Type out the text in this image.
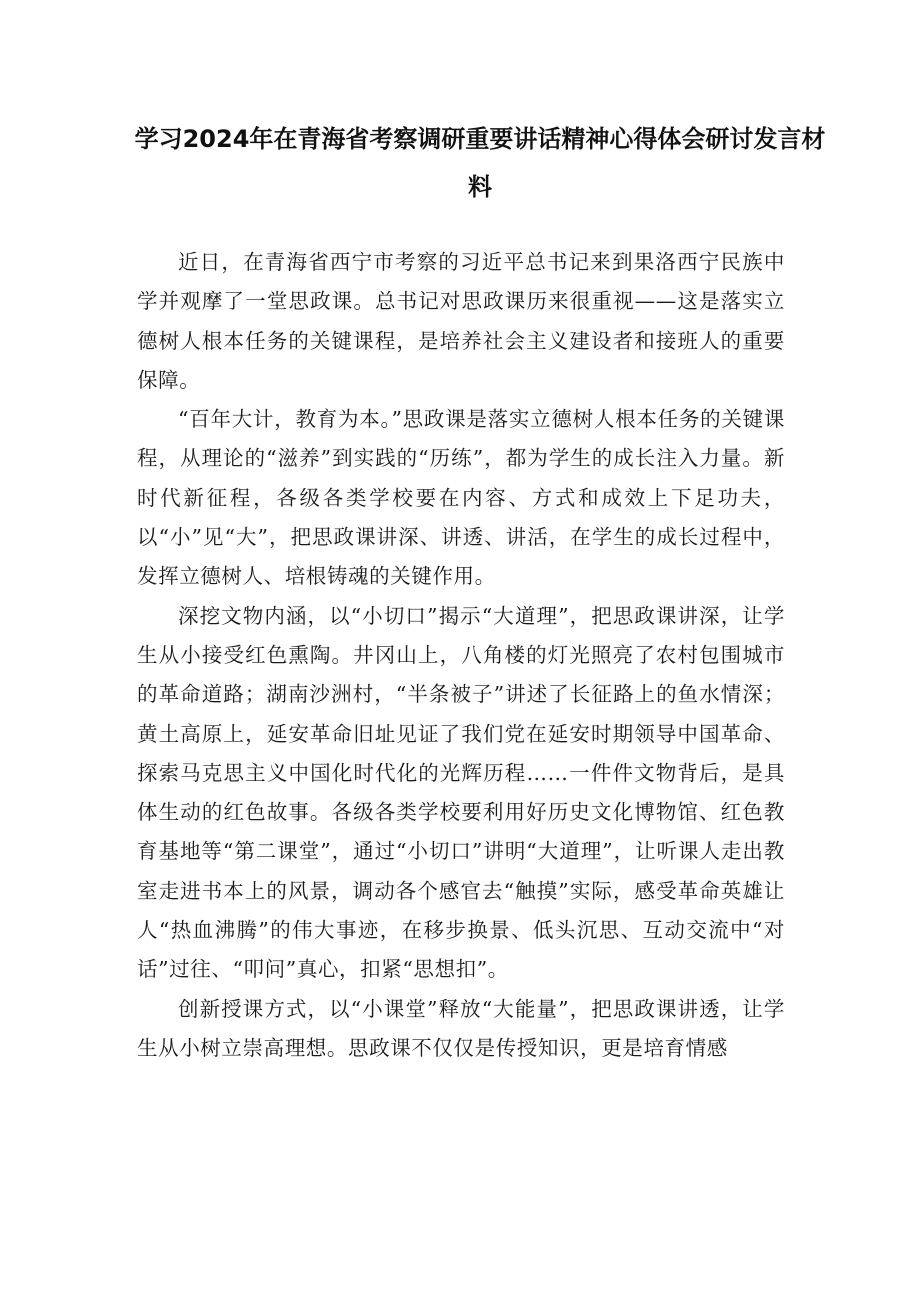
学习2024年在青海省考察调研重要讲话精神心得体会研讨发言材料

近日，在青海省西宁市考察的习近平总书记来到果洛西宁民族中学并观摩了一堂思政课。总书记对思政课历来很重视——这是落实立德树人根本任务的关键课程，是培养社会主义建设者和接班人的重要保障。

“百年大计，教育为本。”思政课是落实立德树人根本任务的关键课程，从理论的“滋养”到实践的“历练”，都为学生的成长注入力量。新时代新征程，各级各类学校要在内容、方式和成效上下足功夫，以“小”见“大”，把思政课讲深、讲透、讲活，在学生的成长过程中，发挥立德树人、培根铸魂的关键作用。

深挖文物内涵，以“小切口”揭示“大道理”，把思政课讲深，让学生从小接受红色熏陶。井冈山上，八角楼的灯光照亮了农村包围城市的革命道路；湖南沙洲村，“半条被子”讲述了长征路上的鱼水情深；黄土高原上，延安革命旧址见证了我们党在延安时期领导中国革命、探索马克思主义中国化时代化的光辉历程……一件件文物背后，是具体生动的红色故事。各级各类学校要利用好历史文化博物馆、红色教育基地等“第二课堂”，通过“小切口”讲明“大道理”，让听课人走出教室走进书本上的风景，调动各个感官去“触摸”实际，感受革命英雄让人“热血沸腾”的伟大事迹，在移步换景、低头沉思、互动交流中“对话”过往、“叩问”真心，扣紧“思想扣”。

创新授课方式，以“小课堂”释放“大能量”，把思政课讲透，让学生从小树立崇高理想。思政课不仅仅是传授知识，更是培育情感
